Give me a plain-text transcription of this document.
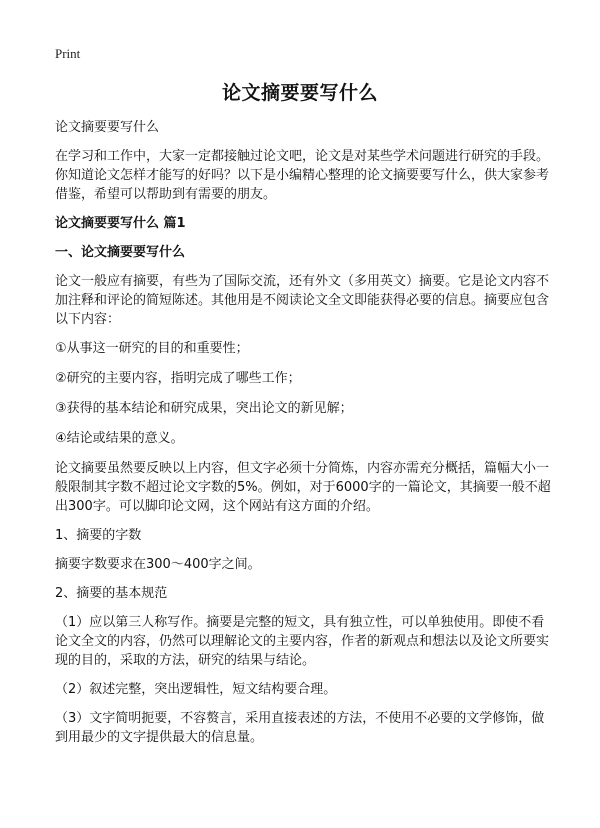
Print
论文摘要要写什么

论文摘要要写什么

在学习和工作中，大家一定都接触过论文吧，论文是对某些学术问题进行研究的手段。你知道论文怎样才能写的好吗？以下是小编精心整理的论文摘要要写什么，供大家参考借鉴，希望可以帮助到有需要的朋友。

论文摘要要写什么 篇1
一、论文摘要要写什么

论文一般应有摘要，有些为了国际交流，还有外文（多用英文）摘要。它是论文内容不加注释和评论的简短陈述。其他用是不阅读论文全文即能获得必要的信息。摘要应包含以下内容：

①从事这一研究的目的和重要性；

②研究的主要内容，指明完成了哪些工作；

③获得的基本结论和研究成果，突出论文的新见解；

④结论或结果的意义。

论文摘要虽然要反映以上内容，但文字必须十分简炼，内容亦需充分概括，篇幅大小一般限制其字数不超过论文字数的5%。例如，对于6000字的一篇论文，其摘要一般不超出300字。可以脚印论文网，这个网站有这方面的介绍。

1、摘要的字数

摘要字数要求在300～400字之间。

2、摘要的基本规范

（1）应以第三人称写作。摘要是完整的短文，具有独立性，可以单独使用。即使不看论文全文的内容，仍然可以理解论文的主要内容，作者的新观点和想法以及论文所要实现的目的，采取的方法，研究的结果与结论。

（2）叙述完整，突出逻辑性，短文结构要合理。

（3）文字简明扼要，不容赘言，采用直接表述的方法，不使用不必要的文学修饰，做到用最少的文字提供最大的信息量。
